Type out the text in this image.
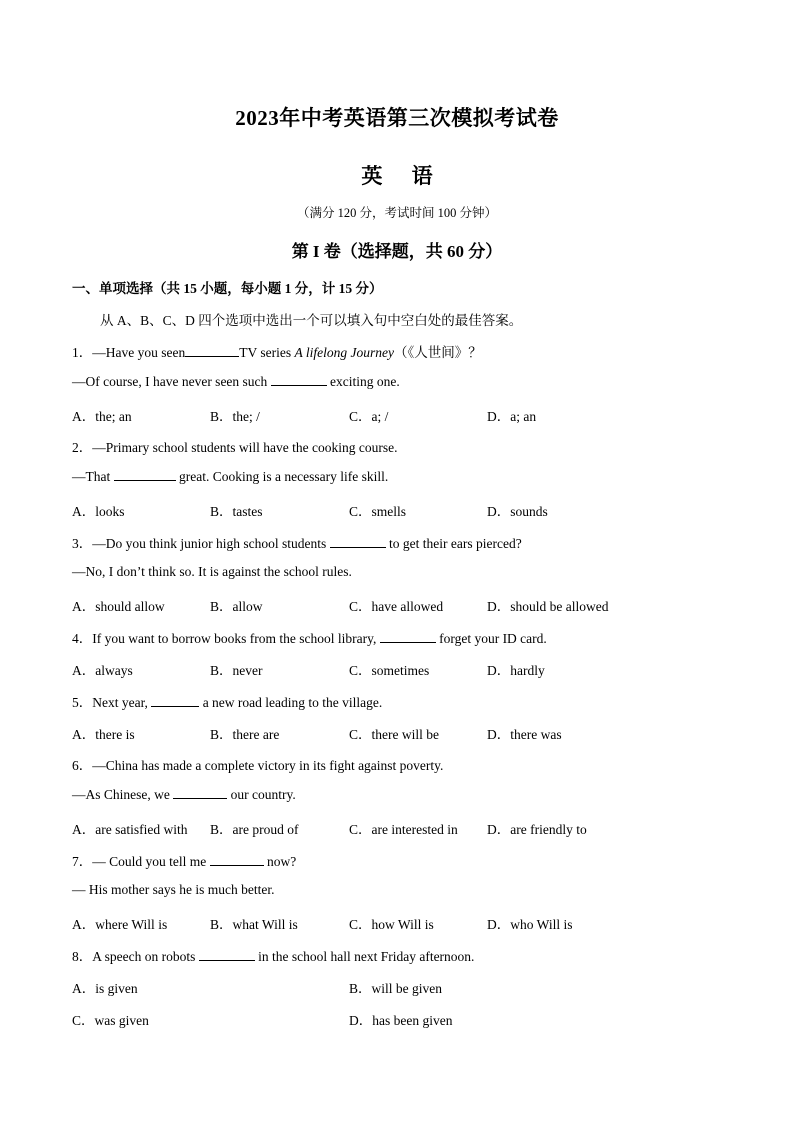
2023年中考英语第三次模拟考试卷
英 语
（满分 120 分，考试时间 100 分钟）
第 I 卷（选择题，共 60 分）
一、单项选择（共 15 小题，每小题 1 分，计 15 分）
从 A、B、C、D 四个选项中选出一个可以填入句中空白处的最佳答案。
1．—Have you seen	TV series A lifelong Journey（《人世间》？
—Of course, I have never seen such	exciting one.
A．the; an	B．the; /	C．a; /	D．a; an
2．—Primary school students will have the cooking course.
—That	great. Cooking is a necessary life skill.
A．looks	B．tastes	C．smells	D．sounds
3．—Do you think junior high school students	to get their ears pierced?
—No, I don’t think so. It is against the school rules.
A．should allow	B．allow	C．have allowed	D．should be allowed
4．If you want to borrow books from the school library,	forget your ID card.
A．always	B．never	C．sometimes	D．hardly
5．Next year,	a new road leading to the village.
A．there is	B．there are	C．there will be	D．there was
6．—China has made a complete victory in its fight against poverty.
—As Chinese, we	our country.
A．are satisfied with B．are proud of	C．are interested in D．are friendly to
7．— Could you tell me	now?
— His mother says he is much better.
A．where Will is	B．what Will is	C．how Will is	D．who Will is
8．A speech on robots	in the school hall next Friday afternoon.
A．is given	B．will be given
C．was given	D．has been given
